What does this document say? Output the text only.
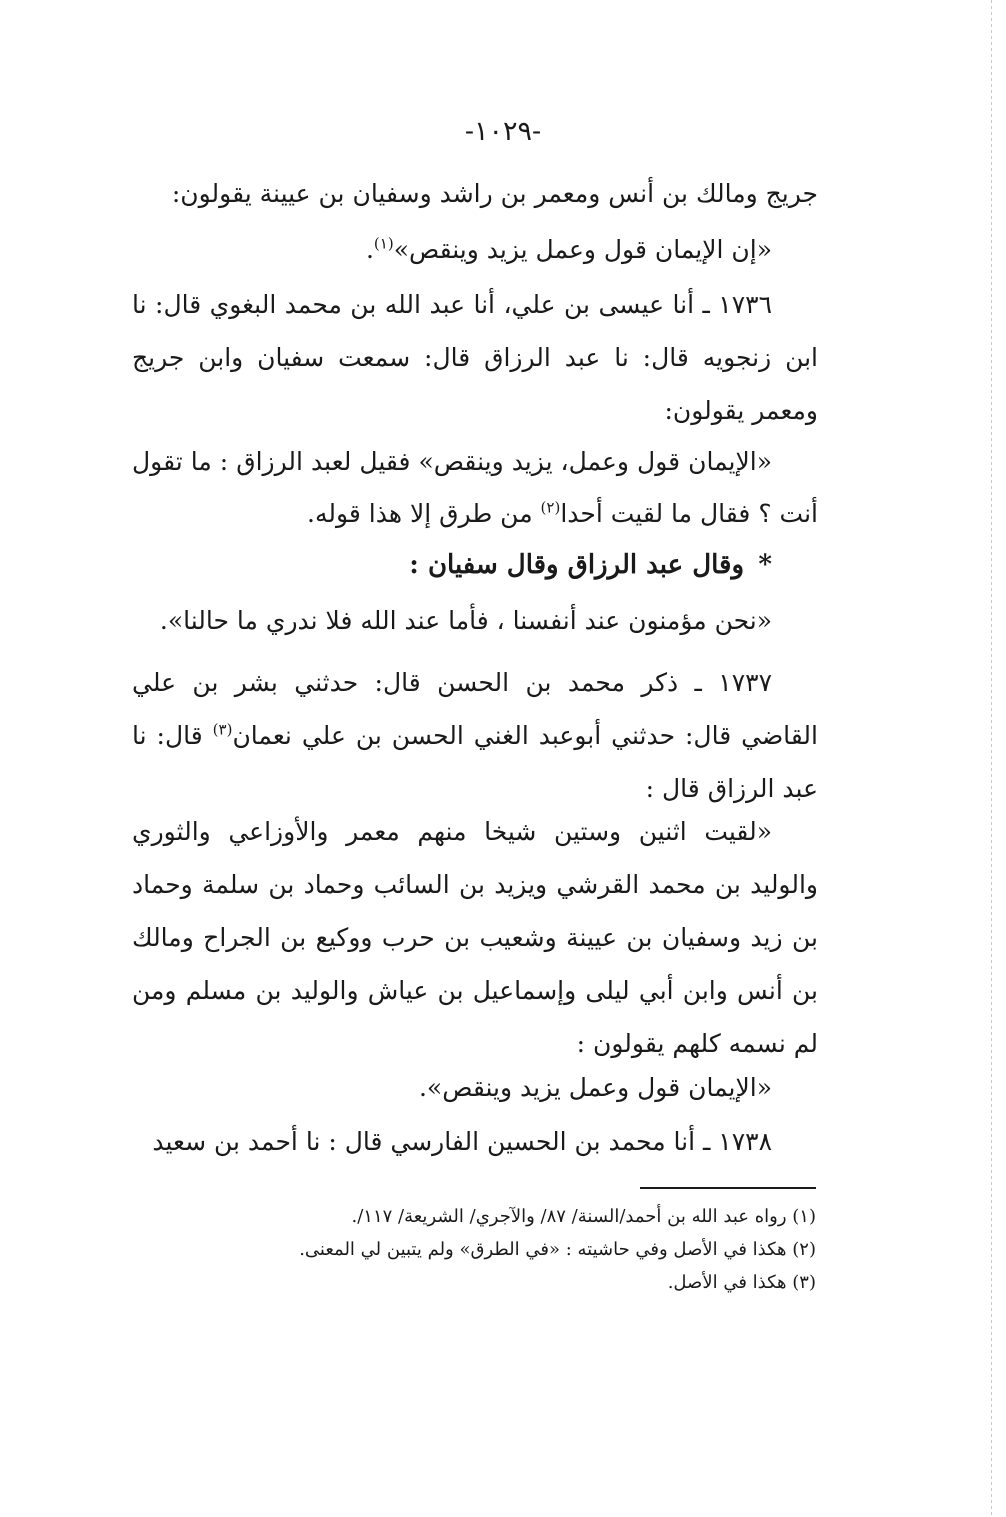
-١٠٢٩-

جريج ومالك بن أنس ومعمر بن راشد وسفيان بن عيينة يقولون:

«إن الإيمان قول وعمل يزيد وينقص»$^{(١)}$.

١٧٣٦ ـ أنا عيسى بن علي، أنا عبد الله بن محمد البغوي قال: نا ابن زنجويه قال: نا عبد الرزاق قال: سمعت سفيان وابن جريج ومعمر يقولون:

«الإيمان قول وعمل، يزيد وينقص» فقيل لعبد الرزاق : ما تقول أنت ؟ فقال ما لقيت أحدا$^{(٢)}$ من طرق إلا هذا قوله.

*وقال عبد الرزاق وقال سفيان :

«نحن مؤمنون عند أنفسنا ، فأما عند الله فلا ندري ما حالنا».

١٧٣٧ ـ ذكر محمد بن الحسن قال: حدثني بشر بن علي القاضي قال: حدثني أبوعبد الغني الحسن بن علي نعمان$^{(٣)}$ قال: نا عبد الرزاق قال :

«لقيت اثنين وستين شيخا منهم معمر والأوزاعي والثوري والوليد بن محمد القرشي ويزيد بن السائب وحماد بن سلمة وحماد بن زيد وسفيان بن عيينة وشعيب بن حرب ووكيع بن الجراح ومالك بن أنس وابن أبي ليلى وإسماعيل بن عياش والوليد بن مسلم ومن لم نسمه كلهم يقولون :

«الإيمان قول وعمل يزيد وينقص».

١٧٣٨ ـ أنا محمد بن الحسين الفارسي قال : نا أحمد بن سعيد

(١) رواه عبد الله بن أحمد/السنة/ ٨٧/ والآجري/ الشريعة/ ١١٧/.

(٢) هكذا في الأصل وفي حاشيته : «في الطرق» ولم يتبين لي المعنى.

(٣) هكذا في الأصل.
